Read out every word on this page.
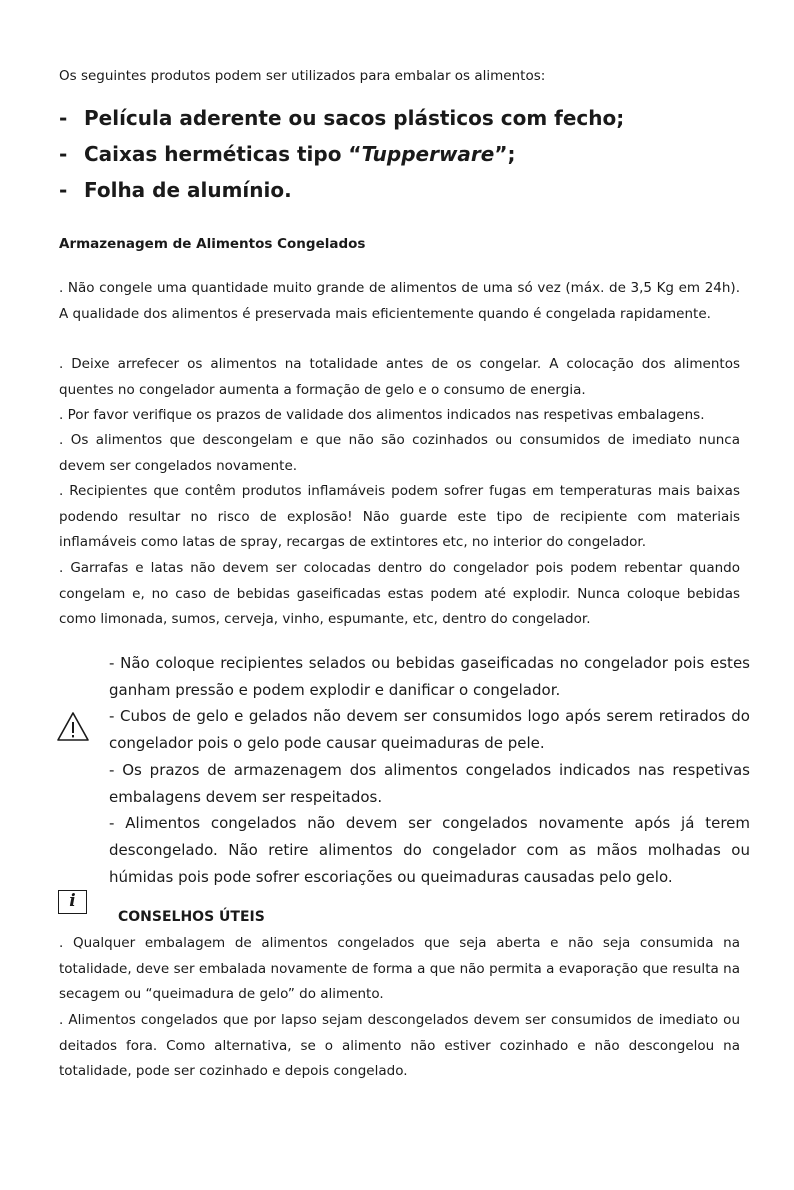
Os seguintes produtos podem ser utilizados para embalar os alimentos:
- Película aderente ou sacos plásticos com fecho;
- Caixas herméticas tipo “Tupperware”;
- Folha de alumínio.
Armazenagem de Alimentos Congelados

. Não congele uma quantidade muito grande de alimentos de uma só vez (máx. de 3,5 Kg em 24h). A qualidade dos alimentos é preservada mais eficientemente quando é congelada rapidamente.

. Deixe arrefecer os alimentos na totalidade antes de os congelar. A colocação dos alimentos quentes no congelador aumenta a formação de gelo e o consumo de energia.

. Por favor verifique os prazos de validade dos alimentos indicados nas respetivas embalagens.

. Os alimentos que descongelam e que não são cozinhados ou consumidos de imediato nunca devem ser congelados novamente.

. Recipientes que contêm produtos inflamáveis podem sofrer fugas em temperaturas mais baixas podendo resultar no risco de explosão! Não guarde este tipo de recipiente com materiais inflamáveis como latas de spray, recargas de extintores etc, no interior do congelador.

. Garrafas e latas não devem ser colocadas dentro do congelador pois podem rebentar quando congelam e, no caso de bebidas gaseificadas estas podem até explodir. Nunca coloque bebidas como limonada, sumos, cerveja, vinho, espumante, etc, dentro do congelador.

- Não coloque recipientes selados ou bebidas gaseificadas no congelador pois estes ganham pressão e podem explodir e danificar o congelador.

- Cubos de gelo e gelados não devem ser consumidos logo após serem retirados do congelador pois o gelo pode causar queimaduras de pele.

- Os prazos de armazenagem dos alimentos congelados indicados nas respetivas embalagens devem ser respeitados.

- Alimentos congelados não devem ser congelados novamente após já terem descongelado. Não retire alimentos do congelador com as mãos molhadas ou húmidas pois pode sofrer escoriações ou queimaduras causadas pelo gelo.

i
CONSELHOS ÚTEIS

. Qualquer embalagem de alimentos congelados que seja aberta e não seja consumida na totalidade, deve ser embalada novamente de forma a que não permita a evaporação que resulta na secagem ou “queimadura de gelo” do alimento.

. Alimentos congelados que por lapso sejam descongelados devem ser consumidos de imediato ou deitados fora. Como alternativa, se o alimento não estiver cozinhado e não descongelou na totalidade, pode ser cozinhado e depois congelado.
